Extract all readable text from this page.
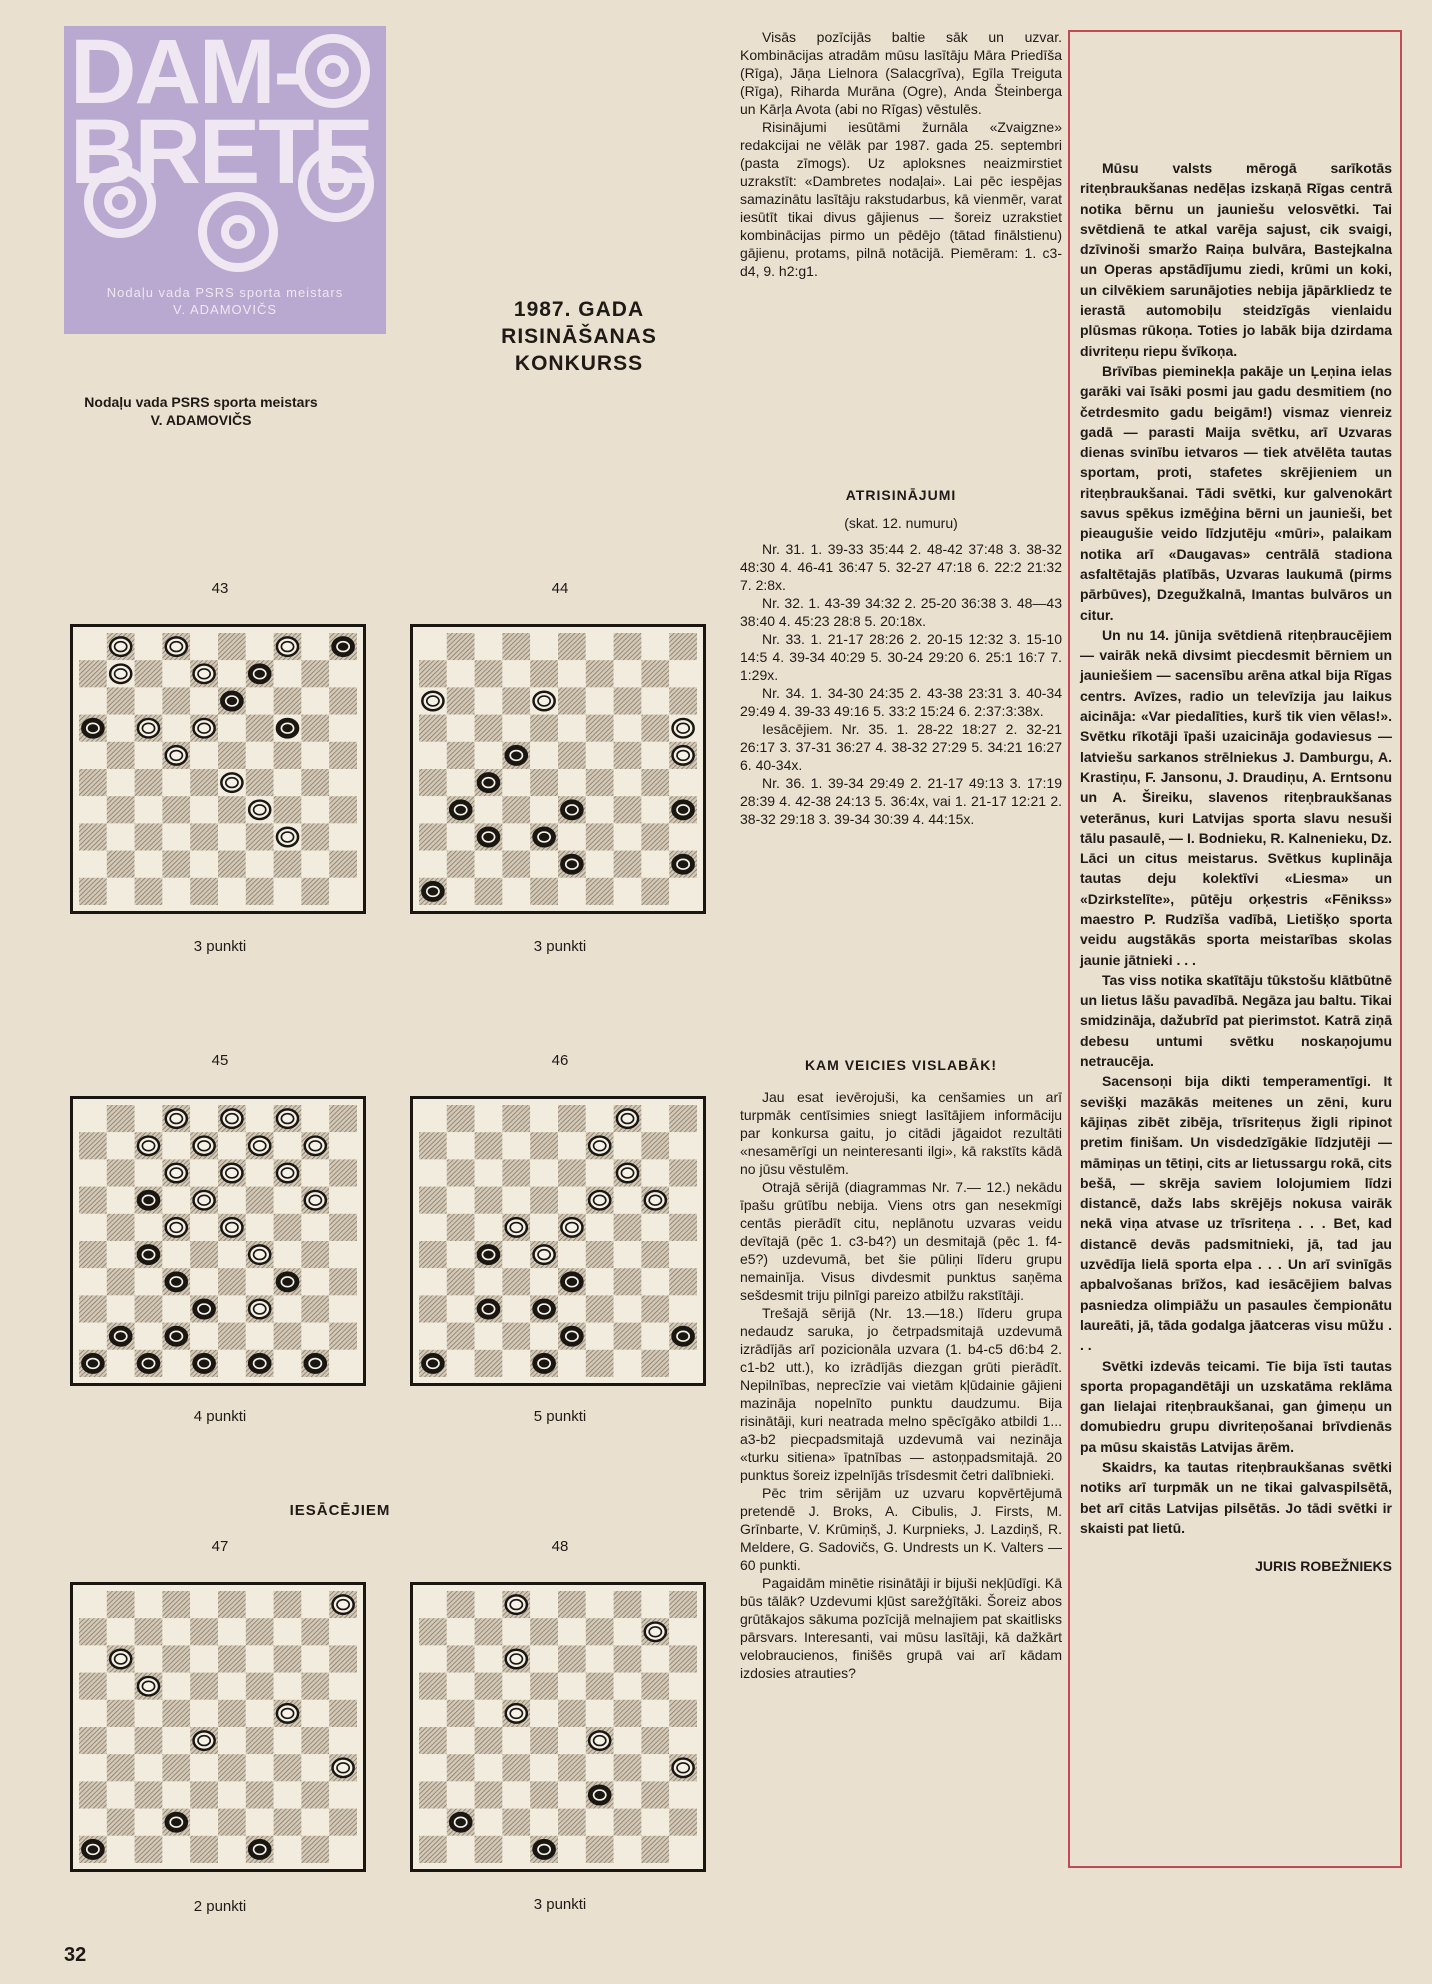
DAM-
BRETE
Nodaļu vada PSRS sporta meistars
V. ADAMOVIČS
Nodaļu vada PSRS sporta meistars
V. ADAMOVIČS
1987. GADA
RISINĀŠANAS
KONKURSS
43	44
3 punkti	3 punkti
45	46
4 punkti	5 punkti
IESĀCĒJIEM
47	48
2 punkti	3 punkti

Visās pozīcijās baltie sāk un uzvar. Kombinācijas atradām mūsu lasītāju Māra Priedīša (Rīga), Jāņa Lielnora (Salacgrīva), Egīla Treiguta (Rīga), Riharda Murāna (Ogre), Anda Šteinberga un Kārļa Avota (abi no Rīgas) vēstulēs.

Risinājumi iesūtāmi žurnāla «Zvaigzne» redakcijai ne vēlāk par 1987. gada 25. septembri (pasta zīmogs). Uz aploksnes neaizmirstiet uzrakstīt: «Dambretes nodaļai». Lai pēc iespējas samazinātu lasītāju rakstudarbus, kā vienmēr, varat iesūtīt tikai divus gājienus — šoreiz uzrakstiet kombinācijas pirmo un pēdējo (tātad finālstienu) gājienu, protams, pilnā notācijā. Piemēram: 1. c3-d4, 9. h2:g1.

ATRISINĀJUMI
(skat. 12. numuru)

Nr. 31. 1. 39-33 35:44 2. 48-42 37:48 3. 38-32 48:30 4. 46-41 36:47 5. 32-27 47:18 6. 22:2 21:32 7. 2:8x.

Nr. 32. 1. 43-39 34:32 2. 25-20 36:38 3. 48—43 38:40 4. 45:23 28:8 5. 20:18x.

Nr. 33. 1. 21-17 28:26 2. 20-15 12:32 3. 15-10 14:5 4. 39-34 40:29 5. 30-24 29:20 6. 25:1 16:7 7. 1:29x.

Nr. 34. 1. 34-30 24:35 2. 43-38 23:31 3. 40-34 29:49 4. 39-33 49:16 5. 33:2 15:24 6. 2:37:3:38x.

Iesācējiem. Nr. 35. 1. 28-22 18:27 2. 32-21 26:17 3. 37-31 36:27 4. 38-32 27:29 5. 34:21 16:27 6. 40-34x.

Nr. 36. 1. 39-34 29:49 2. 21-17 49:13 3. 17:19 28:39 4. 42-38 24:13 5. 36:4x, vai 1. 21-17 12:21 2. 38-32 29:18 3. 39-34 30:39 4. 44:15x.

KAM VEICIES VISLABĀK!

Jau esat ievērojuši, ka cenšamies un arī turpmāk centīsimies sniegt lasītājiem informāciju par konkursa gaitu, jo citādi jāgaidot rezultāti «nesamērīgi un neinteresanti ilgi», kā rakstīts kādā no jūsu vēstulēm.

Otrajā sērijā (diagrammas Nr. 7.— 12.) nekādu īpašu grūtību nebija. Viens otrs gan nesekmīgi centās pierādīt citu, neplānotu uzvaras veidu devītajā (pēc 1. c3-b4?) un desmitajā (pēc 1. f4-e5?) uzdevumā, bet šie pūliņi līderu grupu nemainīja. Visus divdesmit punktus saņēma sešdesmit triju pilnīgi pareizo atbilžu rakstītāji.

Trešajā sērijā (Nr. 13.—18.) līderu grupa nedaudz saruka, jo četrpadsmitajā uzdevumā izrādījās arī pozicionāla uzvara (1. b4-c5 d6:b4 2. c1-b2 utt.), ko izrādījās diezgan grūti pierādīt. Nepilnības, neprecīzie vai vietām kļūdainie gājieni mazināja nopelnīto punktu daudzumu. Bija risinātāji, kuri neatrada melno spēcīgāko atbildi 1... a3-b2 piecpadsmitajā uzdevumā vai nezināja «turku sitiena» īpatnības — astoņpadsmitajā. 20 punktus šoreiz izpelnījās trīsdesmit četri dalībnieki.

Pēc trim sērijām uz uzvaru kopvērtējumā pretendē J. Broks, A. Cibulis, J. Firsts, M. Grīnbarte, V. Krūmiņš, J. Kurpnieks, J. Lazdiņš, R. Meldere, G. Sadovičs, G. Undrests un K. Valters — 60 punkti.

Pagaidām minētie risinātāji ir bijuši nekļūdīgi. Kā būs tālāk? Uzdevumi kļūst sarežģītāki. Šoreiz abos grūtākajos sākuma pozīcijā melnajiem pat skaitlisks pārsvars. Interesanti, vai mūsu lasītāji, kā dažkārt velobraucienos, finišēs grupā vai arī kādam izdosies atrauties?

Mūsu valsts mērogā sarīkotās riteņbraukšanas nedēļas izskaņā Rīgas centrā notika bērnu un jauniešu velosvētki. Tai svētdienā te atkal varēja sajust, cik svaigi, dzīvinoši smaržo Raiņa bulvāra, Bastejkalna un Operas apstādījumu ziedi, krūmi un koki, un cilvēkiem sarunājoties nebija jāpārkliedz te ierastā automobiļu steidzīgās vienlaidu plūsmas rūkoņa. Toties jo labāk bija dzirdama divriteņu riepu švīkoņa.

Brīvības pieminekļa pakāje un Ļeņina ielas garāki vai īsāki posmi jau gadu desmitiem (no četrdesmito gadu beigām!) vismaz vienreiz gadā — parasti Maija svētku, arī Uzvaras dienas svinību ietvaros — tiek atvēlēta tautas sportam, proti, stafetes skrējieniem un riteņbraukšanai. Tādi svētki, kur galvenokārt savus spēkus izmēģina bērni un jaunieši, bet pieaugušie veido līdzjutēju «mūri», palaikam notika arī «Daugavas» centrālā stadiona asfaltētajās platībās, Uzvaras laukumā (pirms pārbūves), Dzegužkalnā, Imantas bulvāros un citur.

Un nu 14. jūnija svētdienā riteņbraucējiem — vairāk nekā divsimt piecdesmit bērniem un jauniešiem — sacensību arēna atkal bija Rīgas centrs. Avīzes, radio un televīzija jau laikus aicināja: «Var piedalīties, kurš tik vien vēlas!». Svētku rīkotāji īpaši uzaicināja godaviesus — latviešu sarkanos strēlniekus J. Damburgu, A. Krastiņu, F. Jansonu, J. Draudiņu, A. Erntsonu un A. Šireiku, slavenos riteņbraukšanas veterānus, kuri Latvijas sporta slavu nesuši tālu pasaulē, — I. Bodnieku, R. Kalnenieku, Dz. Lāci un citus meistarus. Svētkus kuplināja tautas deju kolektīvi «Liesma» un «Dzirkstelīte», pūtēju orķestris «Fēnikss» maestro P. Rudzīša vadībā, Lietišķo sporta veidu augstākās sporta meistarības skolas jaunie jātnieki . . .

Tas viss notika skatītāju tūkstošu klātbūtnē un lietus lāšu pavadībā. Negāza jau baltu. Tikai smidzināja, dažubrīd pat pierimstot. Katrā ziņā debesu untumi svētku noskaņojumu netraucēja.

Sacensoņi bija dikti temperamentīgi. It sevišķi mazākās meitenes un zēni, kuru kājiņas zibēt zibēja, trīsriteņus žigli ripinot pretim finišam. Un visdedzīgākie līdzjutēji — māmiņas un tētiņi, cits ar lietussargu rokā, cits bešā, — skrēja saviem lolojumiem līdzi distancē, dažs labs skrējējs nokusa vairāk nekā viņa atvase uz trīsriteņa . . . Bet, kad distancē devās padsmitnieki, jā, tad jau uzvēdīja lielā sporta elpa . . . Un arī svinīgās apbalvošanas brīžos, kad iesācējiem balvas pasniedza olimpiāžu un pasaules čempionātu laureāti, jā, tāda godalga jāatceras visu mūžu . . .

Svētki izdevās teicami. Tie bija īsti tautas sporta propagandētāji un uzskatāma reklāma gan lielajai riteņbraukšanai, gan ģimeņu un domubiedru grupu divriteņošanai brīvdienās pa mūsu skaistās Latvijas ārēm.

Skaidrs, ka tautas riteņbraukšanas svētki notiks arī turpmāk un ne tikai galvaspilsētā, bet arī citās Latvijas pilsētās. Jo tādi svētki ir skaisti pat lietū.

JURIS ROBEŽNIEKS
32
